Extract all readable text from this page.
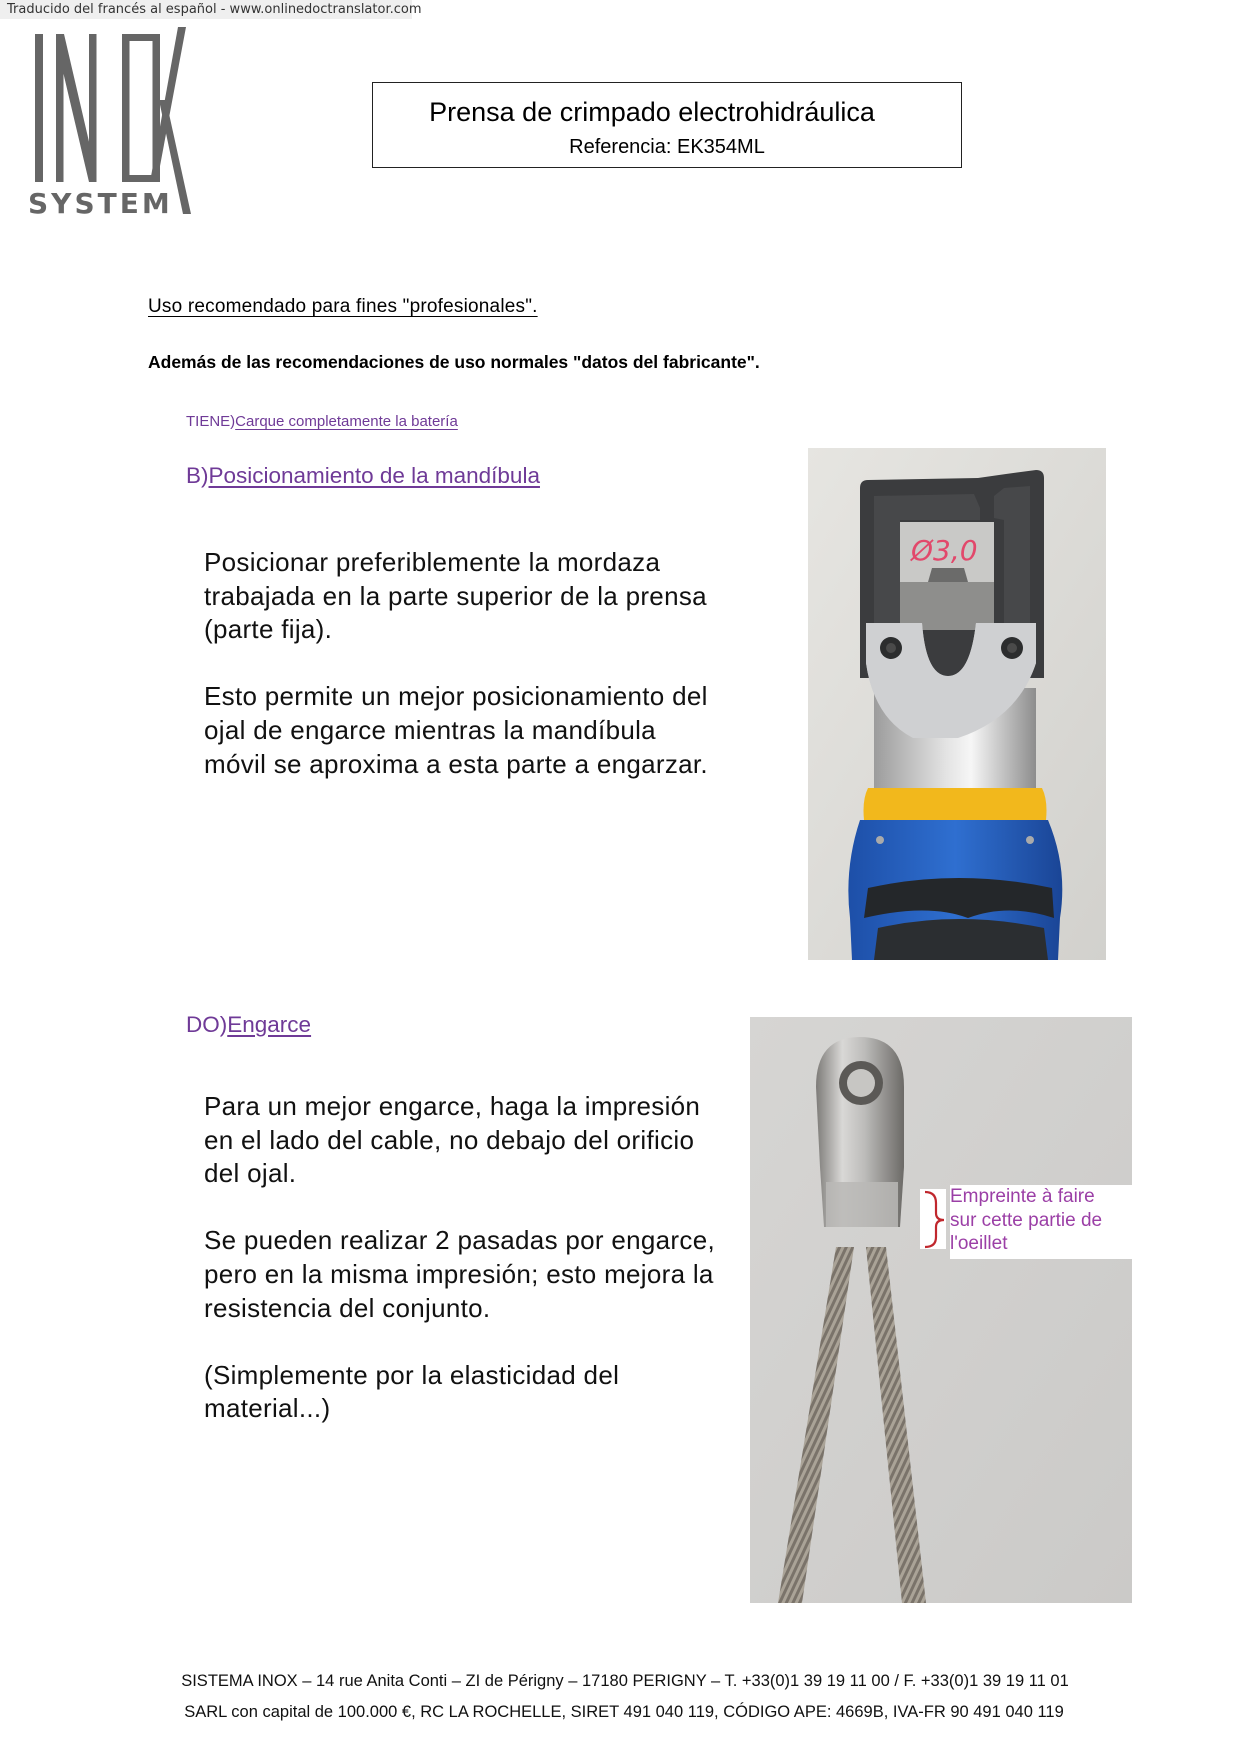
Traducido del francés al español - www.onlinedoctranslator.com
SYSTEM
Prensa de crimpado electrohidráulica
Referencia: EK354ML
Uso recomendado para fines "profesionales".
Además de las recomendaciones de uso normales "datos del fabricante".
TIENE)Carque completamente la batería
B)Posicionamiento de la mandíbula

Posicionar preferiblemente la mordaza trabajada en la parte superior de la prensa (parte fija).

Esto permite un mejor posicionamiento del ojal de engarce mientras la mandíbula móvil se aproxima a esta parte a engarzar.

Ø3,0
DO)Engarce

Para un mejor engarce, haga la impresión en el lado del cable, no debajo del orificio del ojal.

Se pueden realizar 2 pasadas por engarce, pero en la misma impresión; esto mejora la resistencia del conjunto.

(Simplemente por la elasticidad del material...)

Empreinte à faire
sur cette partie de
l'oeillet
SISTEMA INOX – 14 rue Anita Conti – ZI de Périgny – 17180 PERIGNY – T. +33(0)1 39 19 11 00 / F. +33(0)1 39 19 11 01
SARL con capital de 100.000 €, RC LA ROCHELLE, SIRET 491 040 119, CÓDIGO APE: 4669B, IVA-FR 90 491 040 119
